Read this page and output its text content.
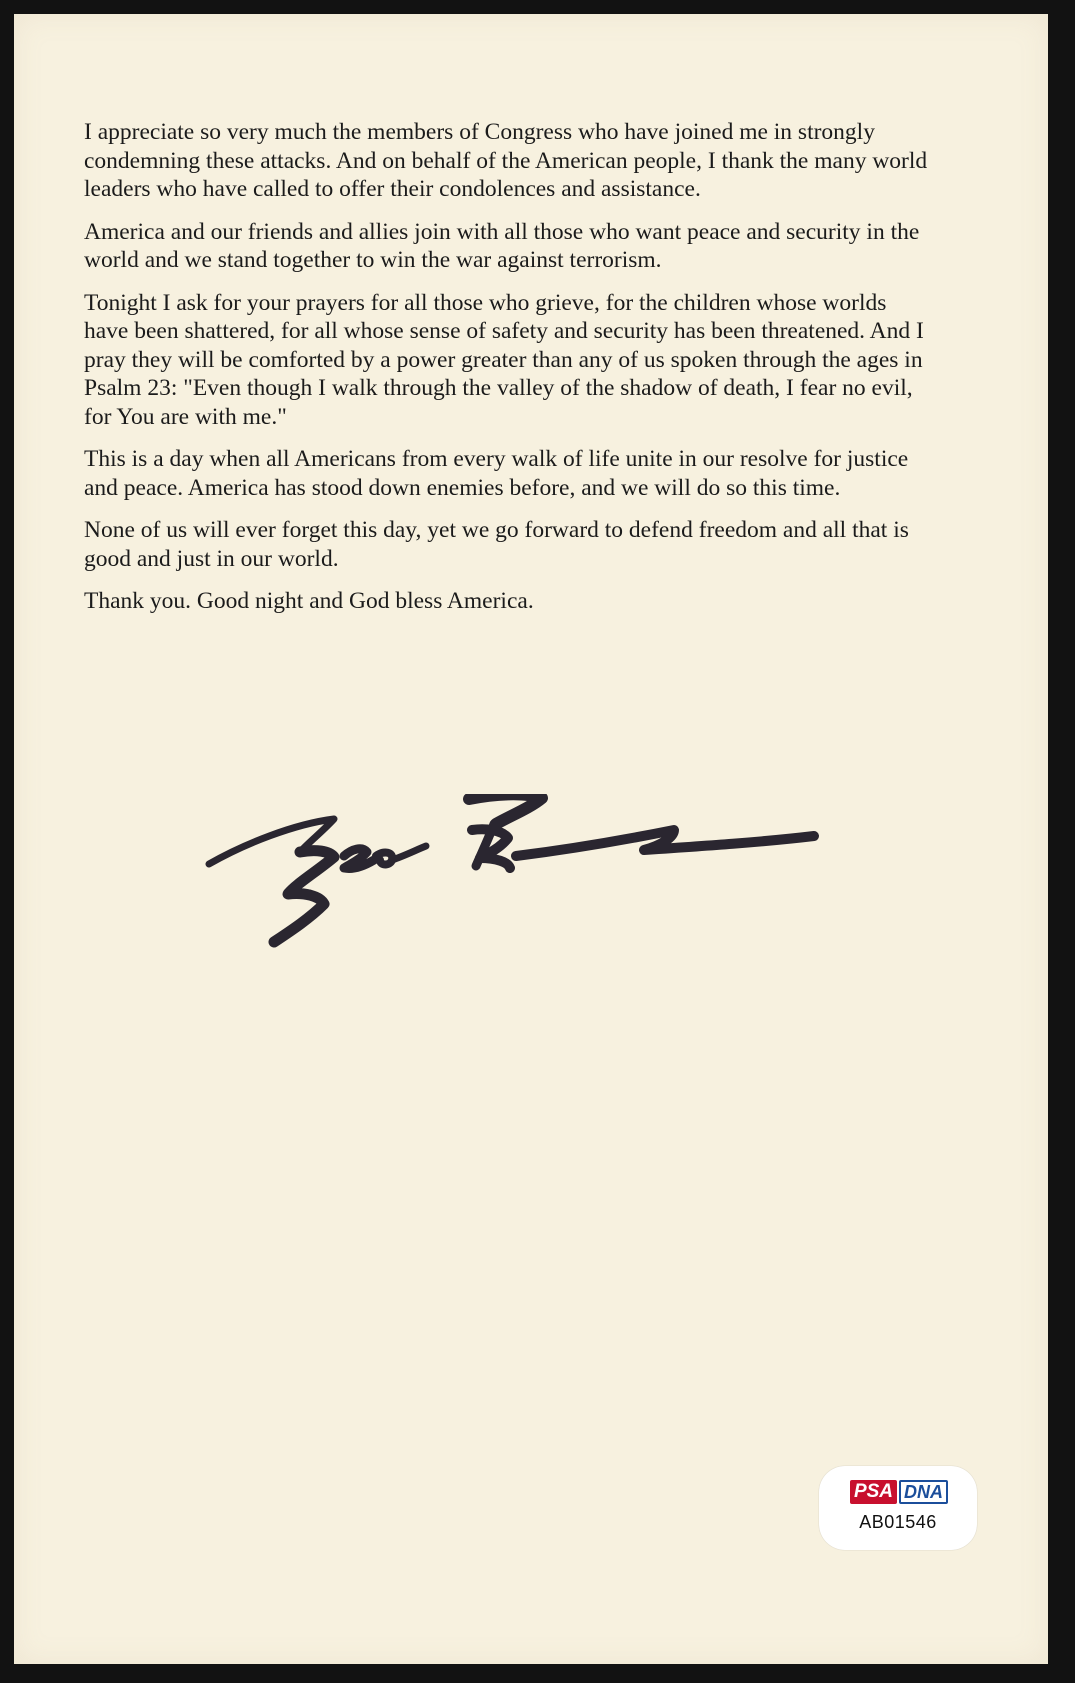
I appreciate so very much the members of Congress who have joined me in strongly
condemning these attacks. And on behalf of the American people, I thank the many world
leaders who have called to offer their condolences and assistance.

America and our friends and allies join with all those who want peace and security in the
world and we stand together to win the war against terrorism.

Tonight I ask for your prayers for all those who grieve, for the children whose worlds
have been shattered, for all whose sense of safety and security has been threatened. And I
pray they will be comforted by a power greater than any of us spoken through the ages in
Psalm 23: "Even though I walk through the valley of the shadow of death, I fear no evil,
for You are with me."

This is a day when all Americans from every walk of life unite in our resolve for justice
and peace. America has stood down enemies before, and we will do so this time.

None of us will ever forget this day, yet we go forward to defend freedom and all that is
good and just in our world.

Thank you. Good night and God bless America.

PSA DNA
AB01546
